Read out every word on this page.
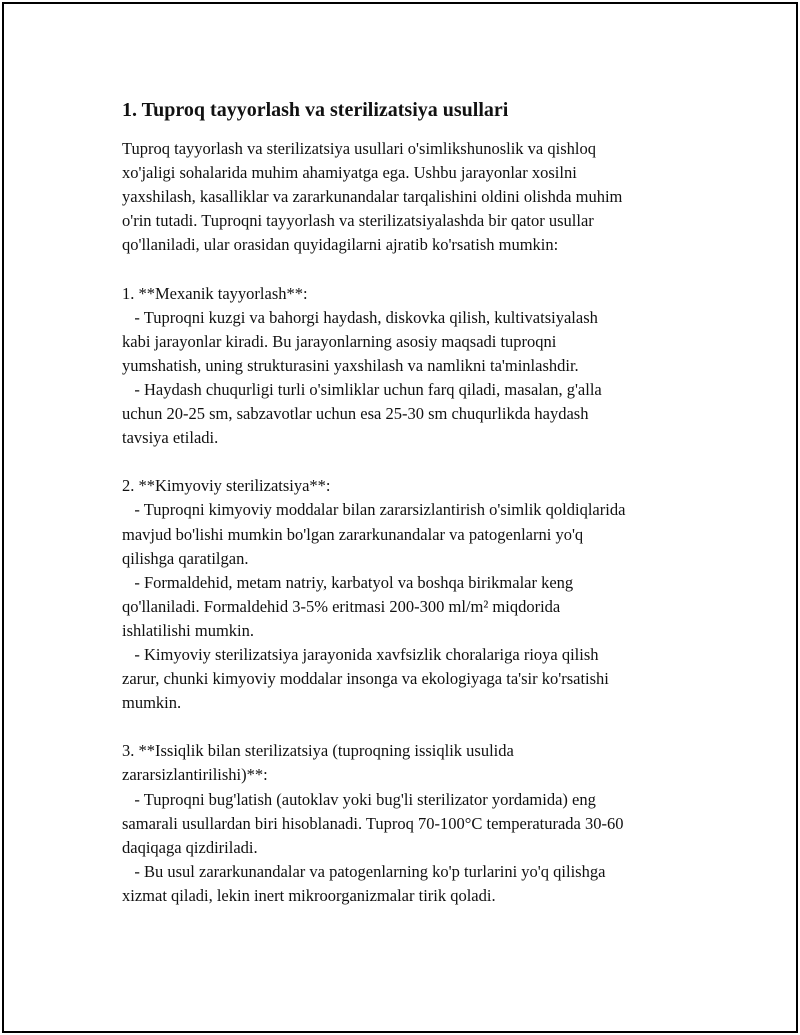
1. Tuproq tayyorlash va sterilizatsiya usullari

Tuproq tayyorlash va sterilizatsiya usullari o'simlikshunoslik va qishloq
xo'jaligi sohalarida muhim ahamiyatga ega. Ushbu jarayonlar xosilni
yaxshilash, kasalliklar va zararkunandalar tarqalishini oldini olishda muhim
o'rin tutadi. Tuproqni tayyorlash va sterilizatsiyalashda bir qator usullar
qo'llaniladi, ular orasidan quyidagilarni ajratib ko'rsatish mumkin:

1. **Mexanik tayyorlash**:
- Tuproqni kuzgi va bahorgi haydash, diskovka qilish, kultivatsiyalash
kabi jarayonlar kiradi. Bu jarayonlarning asosiy maqsadi tuproqni
yumshatish, uning strukturasini yaxshilash va namlikni ta'minlashdir.
- Haydash chuqurligi turli o'simliklar uchun farq qiladi, masalan, g'alla
uchun 20-25 sm, sabzavotlar uchun esa 25-30 sm chuqurlikda haydash
tavsiya etiladi.

2. **Kimyoviy sterilizatsiya**:
- Tuproqni kimyoviy moddalar bilan zararsizlantirish o'simlik qoldiqlarida
mavjud bo'lishi mumkin bo'lgan zararkunandalar va patogenlarni yo'q
qilishga qaratilgan.
- Formaldehid, metam natriy, karbatyol va boshqa birikmalar keng
qo'llaniladi. Formaldehid 3-5% eritmasi 200-300 ml/m² miqdorida
ishlatilishi mumkin.
- Kimyoviy sterilizatsiya jarayonida xavfsizlik choralariga rioya qilish
zarur, chunki kimyoviy moddalar insonga va ekologiyaga ta'sir ko'rsatishi
mumkin.

3. **Issiqlik bilan sterilizatsiya (tuproqning issiqlik usulida
zararsizlantirilishi)**:
- Tuproqni bug'latish (autoklav yoki bug'li sterilizator yordamida) eng
samarali usullardan biri hisoblanadi. Tuproq 70-100°C temperaturada 30-60
daqiqaga qizdiriladi.
- Bu usul zararkunandalar va patogenlarning ko'p turlarini yo'q qilishga
xizmat qiladi, lekin inert mikroorganizmalar tirik qoladi.
